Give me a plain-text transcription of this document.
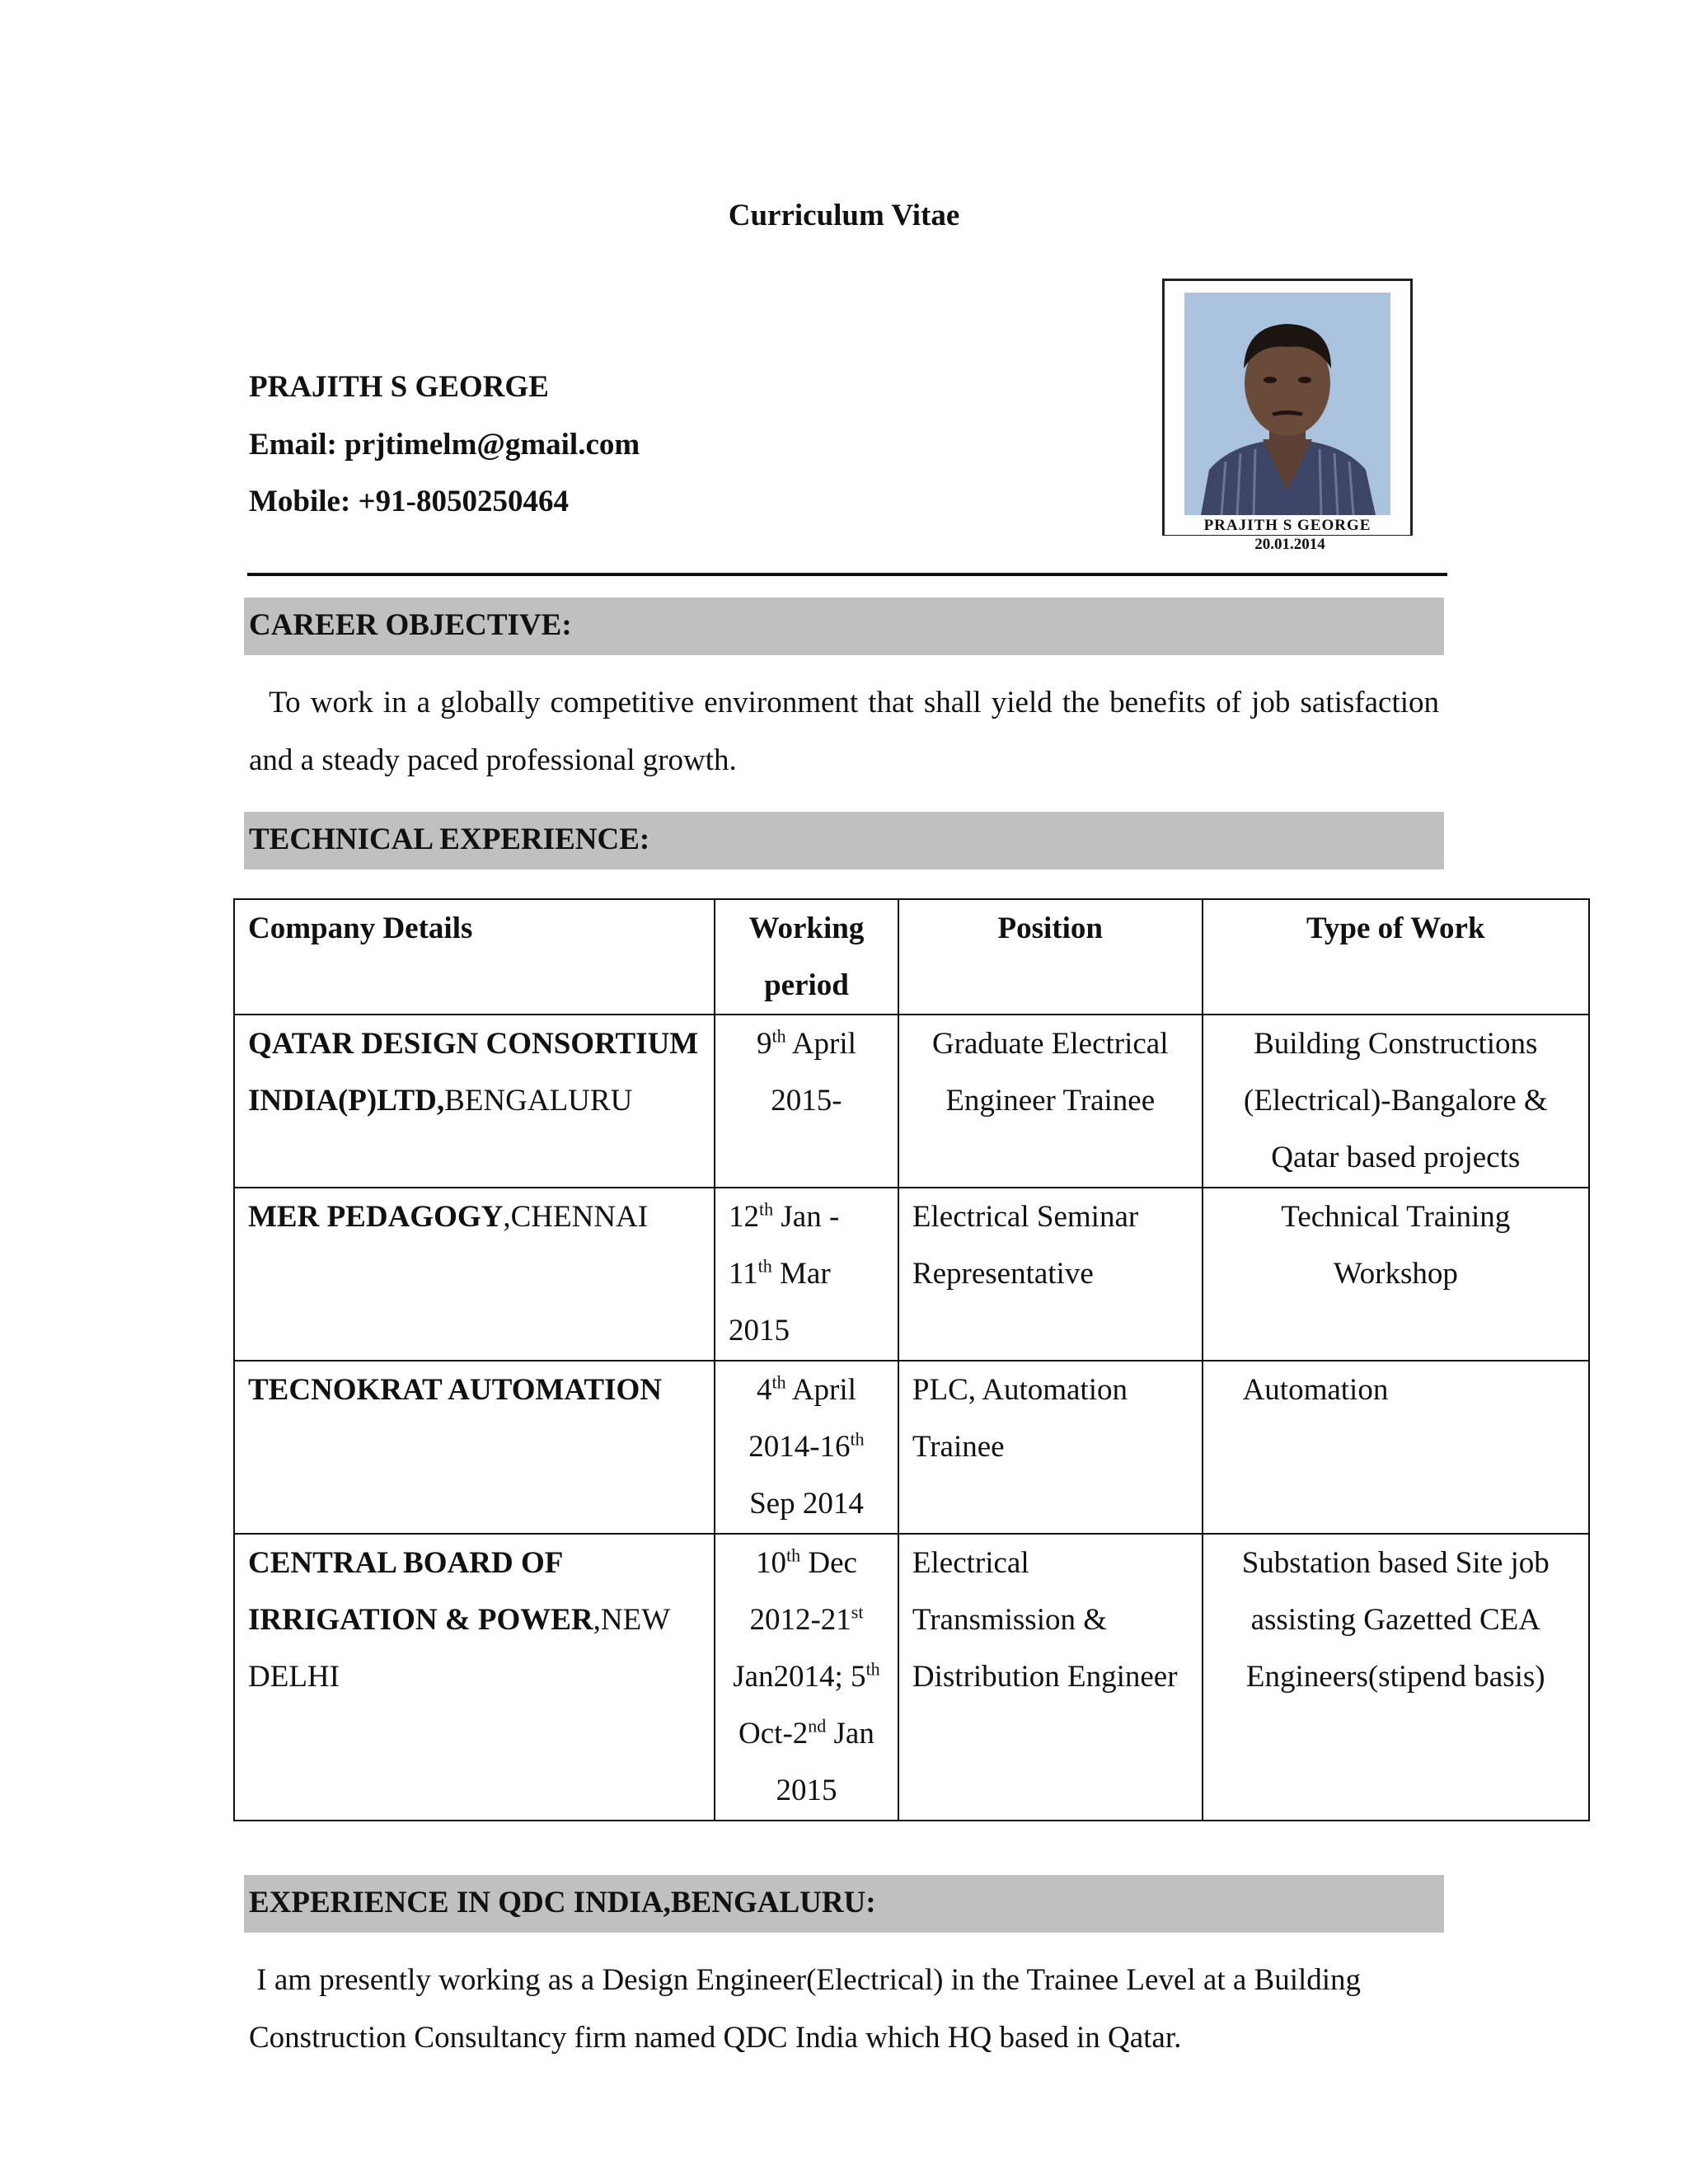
Curriculum Vitae
PRAJITH S GEORGE
Email: prjtimelm@gmail.com
Mobile: +91-8050250464
PRAJITH S GEORGE
20.01.2014
CAREER OBJECTIVE:
To work in a globally competitive environment that shall yield the benefits of job satisfaction and a steady paced professional growth.
TECHNICAL EXPERIENCE:
Company Details	Working period	Position	Type of Work
QATAR DESIGN CONSORTIUM INDIA(P)LTD,BENGALURU	9th April 2015-	Graduate Electrical Engineer Trainee	Building Constructions (Electrical)-Bangalore & Qatar based projects
MER PEDAGOGY,CHENNAI	12th Jan - 11th Mar 2015	Electrical Seminar Representative	Technical Training Workshop
TECNOKRAT AUTOMATION	4th April 2014-16th Sep 2014	PLC, Automation Trainee	Automation
CENTRAL BOARD OF IRRIGATION & POWER,NEW DELHI	10th Dec 2012-21st Jan2014; 5th Oct-2nd Jan 2015	Electrical Transmission & Distribution Engineer	Substation based Site job assisting Gazetted CEA Engineers(stipend basis)
EXPERIENCE IN QDC INDIA,BENGALURU:
I am presently working as a Design Engineer(Electrical) in the Trainee Level at a Building Construction Consultancy firm named QDC India which HQ based in Qatar.
